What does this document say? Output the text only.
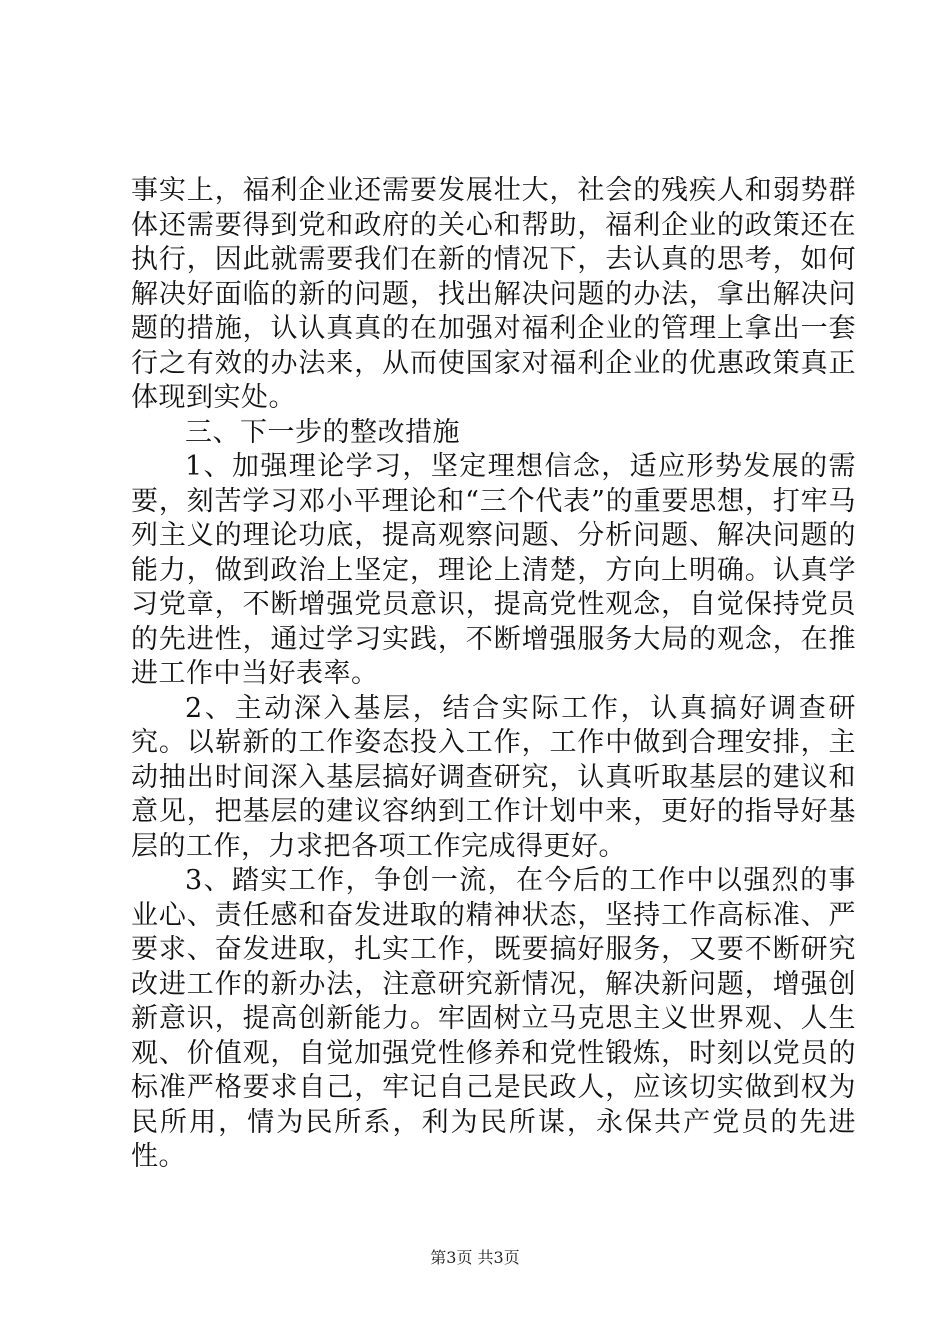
事实上，福利企业还需要发展壮大，社会的残疾人和弱势群体还需要得到党和政府的关心和帮助，福利企业的政策还在执行，因此就需要我们在新的情况下，去认真的思考，如何解决好面临的新的问题，找出解决问题的办法，拿出解决问题的措施，认认真真的在加强对福利企业的管理上拿出一套行之有效的办法来，从而使国家对福利企业的优惠政策真正体现到实处。

三、下一步的整改措施

1、加强理论学习，坚定理想信念，适应形势发展的需要，刻苦学习邓小平理论和“三个代表”的重要思想，打牢马列主义的理论功底，提高观察问题、分析问题、解决问题的能力，做到政治上坚定，理论上清楚，方向上明确。认真学习党章，不断增强党员意识，提高党性观念，自觉保持党员的先进性，通过学习实践，不断增强服务大局的观念，在推进工作中当好表率。

2、主动深入基层，结合实际工作，认真搞好调查研究。以崭新的工作姿态投入工作，工作中做到合理安排，主动抽出时间深入基层搞好调查研究，认真听取基层的建议和意见，把基层的建议容纳到工作计划中来，更好的指导好基层的工作，力求把各项工作完成得更好。

3、踏实工作，争创一流，在今后的工作中以强烈的事业心、责任感和奋发进取的精神状态，坚持工作高标准、严要求、奋发进取，扎实工作，既要搞好服务，又要不断研究改进工作的新办法，注意研究新情况，解决新问题，增强创新意识，提高创新能力。牢固树立马克思主义世界观、人生观、价值观，自觉加强党性修养和党性锻炼，时刻以党员的标准严格要求自己，牢记自己是民政人，应该切实做到权为民所用，情为民所系，利为民所谋，永保共产党员的先进性。

第3页 共3页
